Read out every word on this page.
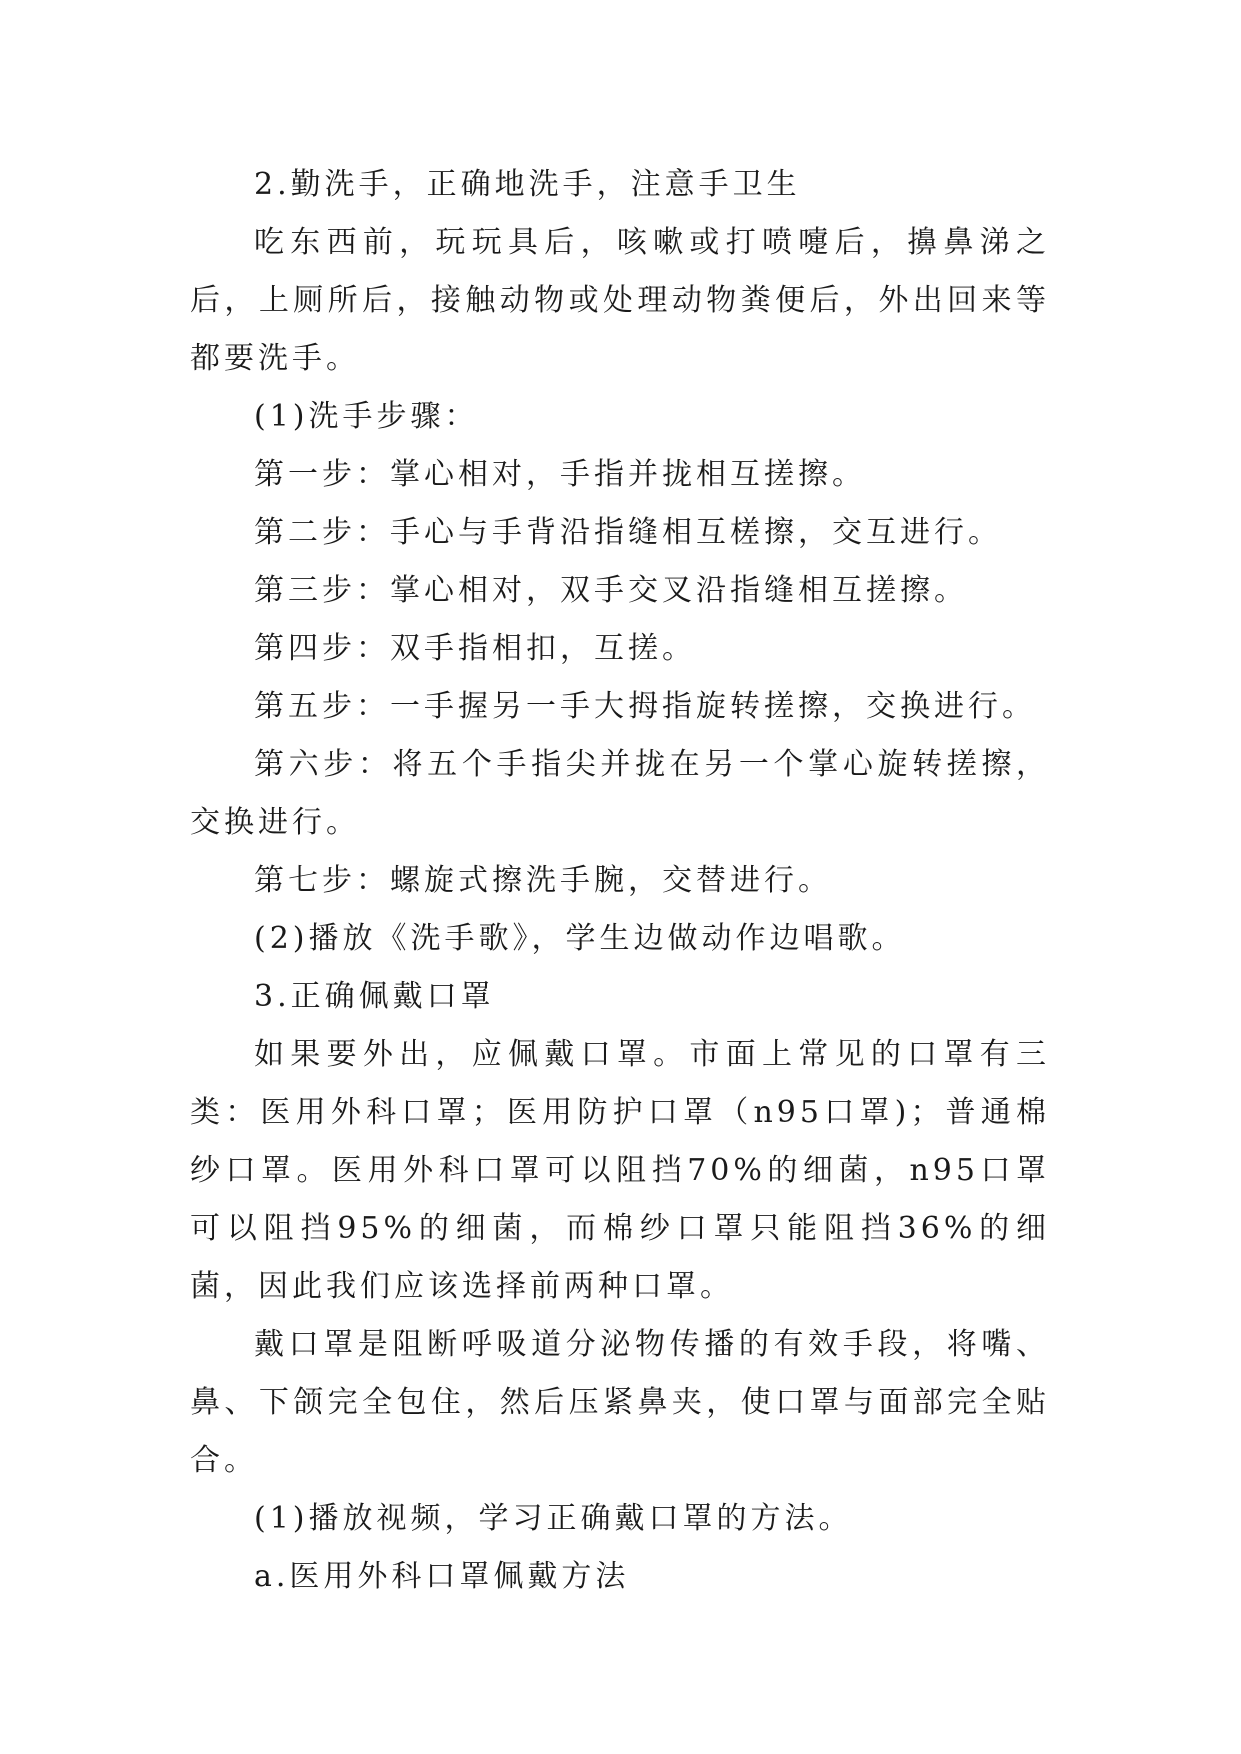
2.勤洗手，正确地洗手，注意手卫生

吃东西前，玩玩具后，咳嗽或打喷嚏后，擤鼻涕之后，上厕所后，接触动物或处理动物粪便后，外出回来等都要洗手。

(1)洗手步骤：

第一步：掌心相对，手指并拢相互搓擦。

第二步：手心与手背沿指缝相互槎擦，交互进行。

第三步：掌心相对，双手交叉沿指缝相互搓擦。

第四步：双手指相扣，互搓。

第五步：一手握另一手大拇指旋转搓擦，交换进行。

第六步：将五个手指尖并拢在另一个掌心旋转搓擦，交换进行。

第七步：螺旋式擦洗手腕，交替进行。

(2)播放《洗手歌》，学生边做动作边唱歌。

3.正确佩戴口罩

如果要外出，应佩戴口罩。市面上常见的口罩有三类：医用外科口罩；医用防护口罩（n95口罩)；普通棉纱口罩。医用外科口罩可以阻挡70%的细菌，n95口罩可以阻挡95%的细菌，而棉纱口罩只能阻挡36%的细菌，因此我们应该选择前两种口罩。

戴口罩是阻断呼吸道分泌物传播的有效手段，将嘴、鼻、下颌完全包住，然后压紧鼻夹，使口罩与面部完全贴合。

(1)播放视频，学习正确戴口罩的方法。

a.医用外科口罩佩戴方法
